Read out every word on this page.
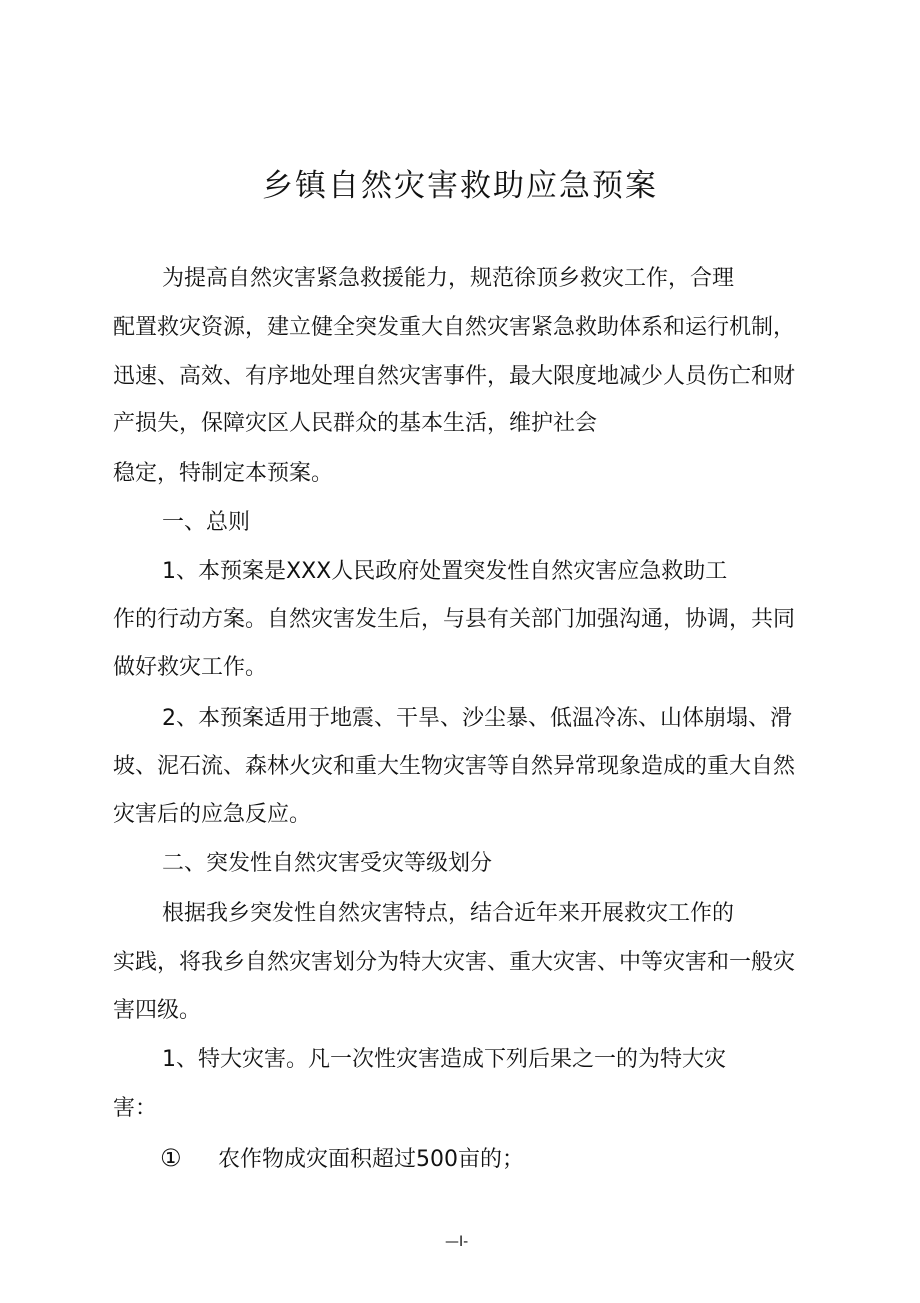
乡镇自然灾害救助应急预案
为提高自然灾害紧急救援能力，规范徐顶乡救灾工作，合理
配置救灾资源，建立健全突发重大自然灾害紧急救助体系和运行机制，
迅速、高效、有序地处理自然灾害事件，最大限度地减少人员伤亡和财
产损失，保障灾区人民群众的基本生活，维护社会
稳定，特制定本预案。
一、总则
1、本预案是XXX人民政府处置突发性自然灾害应急救助工
作的行动方案。自然灾害发生后，与县有关部门加强沟通，协调，共同
做好救灾工作。
2、本预案适用于地震、干旱、沙尘暴、低温冷冻、山体崩塌、滑
坡、泥石流、森林火灾和重大生物灾害等自然异常现象造成的重大自然
灾害后的应急反应。
二、突发性自然灾害受灾等级划分
根据我乡突发性自然灾害特点，结合近年来开展救灾工作的
实践，将我乡自然灾害划分为特大灾害、重大灾害、中等灾害和一般灾
害四级。
1、特大灾害。凡一次性灾害造成下列后果之一的为特大灾
害：
① 农作物成灾面积超过500亩的；
—I-
